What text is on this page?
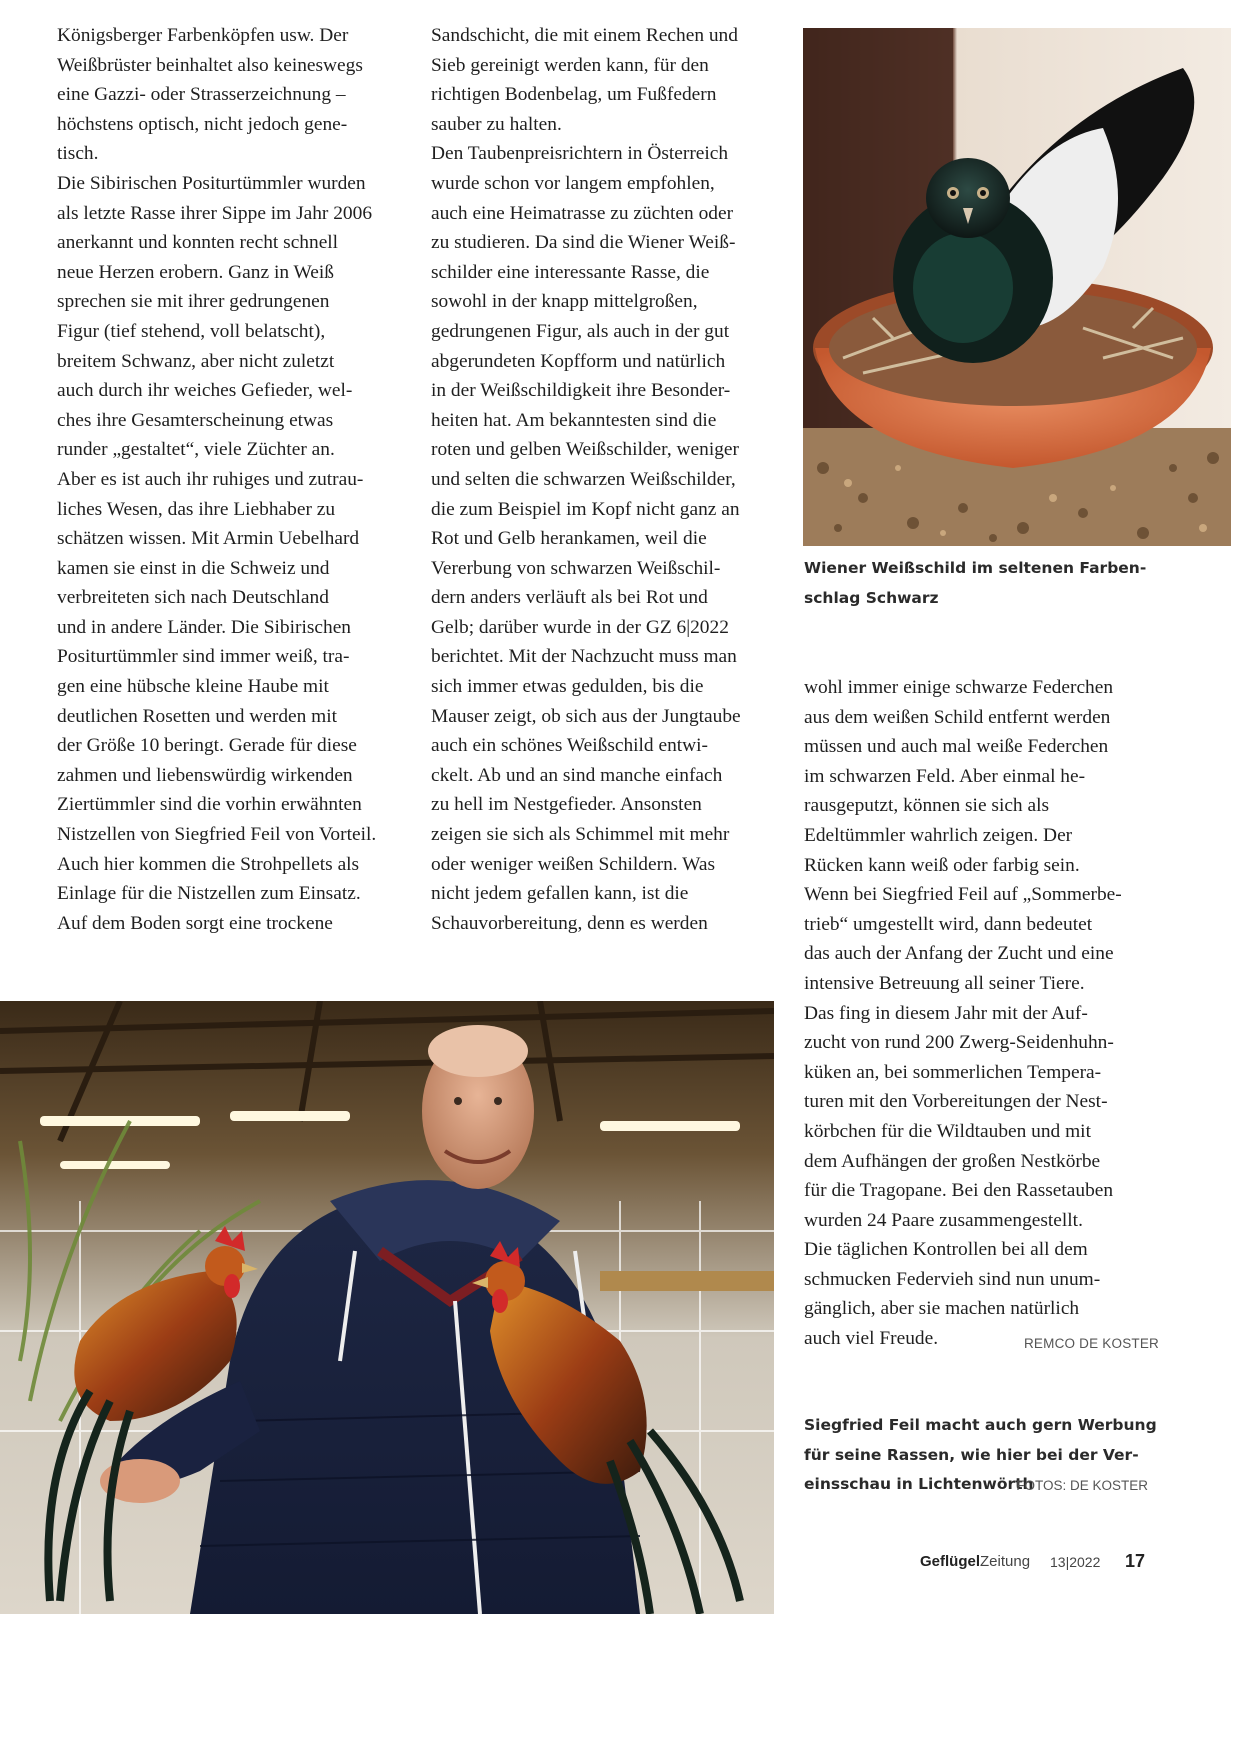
Königsberger Farbenköpfen usw. Der
Weißbrüster beinhaltet also keineswegs
eine Gazzi- oder Strasserzeichnung –
höchstens optisch, nicht jedoch gene-
tisch.
Die Sibirischen Positurtümmler wurden
als letzte Rasse ihrer Sippe im Jahr 2006
anerkannt und konnten recht schnell
neue Herzen erobern. Ganz in Weiß
sprechen sie mit ihrer gedrungenen
Figur (tief stehend, voll belatscht),
breitem Schwanz, aber nicht zuletzt
auch durch ihr weiches Gefieder, wel-
ches ihre Gesamterscheinung etwas
runder „gestaltet“, viele Züchter an.
Aber es ist auch ihr ruhiges und zutrau-
liches Wesen, das ihre Liebhaber zu
schätzen wissen. Mit Armin Uebelhard
kamen sie einst in die Schweiz und
verbreiteten sich nach Deutschland
und in andere Länder. Die Sibirischen
Positurtümmler sind immer weiß, tra-
gen eine hübsche kleine Haube mit
deutlichen Rosetten und werden mit
der Größe 10 beringt. Gerade für diese
zahmen und liebenswürdig wirkenden
Ziertümmler sind die vorhin erwähnten
Nistzellen von Siegfried Feil von Vorteil.
Auch hier kommen die Strohpellets als
Einlage für die Nistzellen zum Einsatz.
Auf dem Boden sorgt eine trockene
Sandschicht, die mit einem Rechen und
Sieb gereinigt werden kann, für den
richtigen Bodenbelag, um Fußfedern
sauber zu halten.
Den Taubenpreisrichtern in Österreich
wurde schon vor langem empfohlen,
auch eine Heimatrasse zu züchten oder
zu studieren. Da sind die Wiener Weiß-
schilder eine interessante Rasse, die
sowohl in der knapp mittelgroßen,
gedrungenen Figur, als auch in der gut
abgerundeten Kopfform und natürlich
in der Weißschildigkeit ihre Besonder-
heiten hat. Am bekanntesten sind die
roten und gelben Weißschilder, weniger
und selten die schwarzen Weißschilder,
die zum Beispiel im Kopf nicht ganz an
Rot und Gelb herankamen, weil die
Vererbung von schwarzen Weißschil-
dern anders verläuft als bei Rot und
Gelb; darüber wurde in der GZ 6|2022
berichtet. Mit der Nachzucht muss man
sich immer etwas gedulden, bis die
Mauser zeigt, ob sich aus der Jungtaube
auch ein schönes Weißschild entwi-
ckelt. Ab und an sind manche einfach
zu hell im Nestgefieder. Ansonsten
zeigen sie sich als Schimmel mit mehr
oder weniger weißen Schildern. Was
nicht jedem gefallen kann, ist die
Schauvorbereitung, denn es werden
Wiener Weißschild im seltenen Farben-
schlag Schwarz
wohl immer einige schwarze Federchen
aus dem weißen Schild entfernt werden
müssen und auch mal weiße Federchen
im schwarzen Feld. Aber einmal he-
rausgeputzt, können sie sich als
Edeltümmler wahrlich zeigen. Der
Rücken kann weiß oder farbig sein.
Wenn bei Siegfried Feil auf „Sommerbe-
trieb“ umgestellt wird, dann bedeutet
das auch der Anfang der Zucht und eine
intensive Betreuung all seiner Tiere.
Das fing in diesem Jahr mit der Auf-
zucht von rund 200 Zwerg-Seidenhuhn-
küken an, bei sommerlichen Tempera-
turen mit den Vorbereitungen der Nest-
körbchen für die Wildtauben und mit
dem Aufhängen der großen Nestkörbe
für die Tragopane. Bei den Rassetauben
wurden 24 Paare zusammengestellt.
Die täglichen Kontrollen bei all dem
schmucken Federvieh sind nun unum-
gänglich, aber sie machen natürlich
auch viel Freude.	REMCO DE KOSTER
Siegfried Feil macht auch gern Werbung
für seine Rassen, wie hier bei der Ver-
einsschau in Lichtenwörth
FOTOS: DE KOSTER
GeflügelZeitung 13|2022 17
